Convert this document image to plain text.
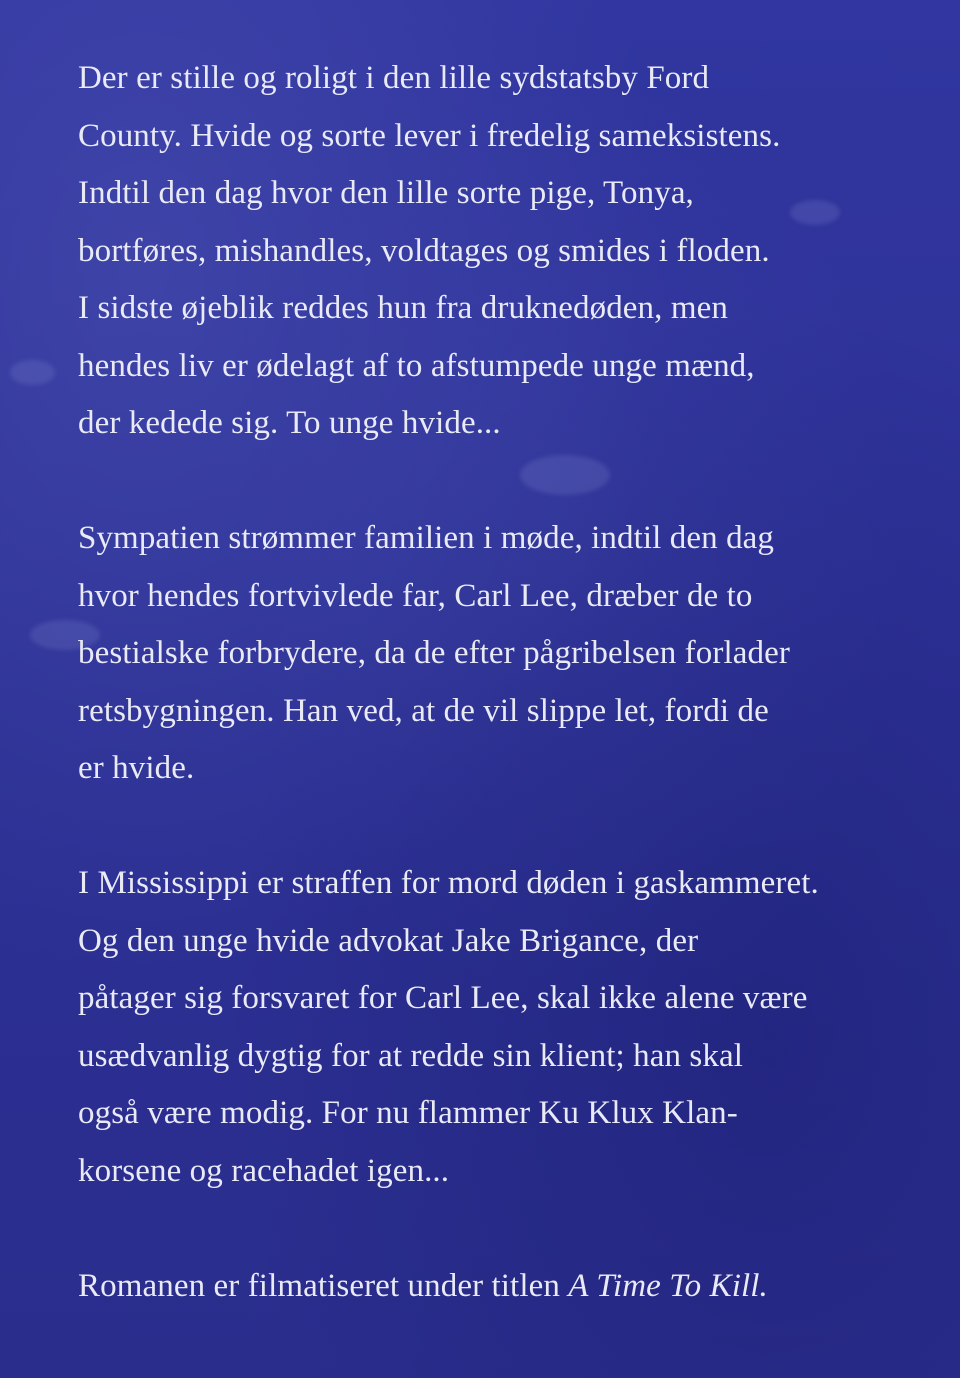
Der er stille og roligt i den lille sydstatsby Ford
County. Hvide og sorte lever i fredelig sameksistens.
Indtil den dag hvor den lille sorte pige, Tonya,
bortføres, mishandles, voldtages og smides i floden.
I sidste øjeblik reddes hun fra druknedøden, men
hendes liv er ødelagt af to afstumpede unge mænd,
der kedede sig. To unge hvide...

Sympatien strømmer familien i møde, indtil den dag
hvor hendes fortvivlede far, Carl Lee, dræber de to
bestialske forbrydere, da de efter pågribelsen forlader
retsbygningen. Han ved, at de vil slippe let, fordi de
er hvide.

I Mississippi er straffen for mord døden i gaskammeret.
Og den unge hvide advokat Jake Brigance, der
påtager sig forsvaret for Carl Lee, skal ikke alene være
usædvanlig dygtig for at redde sin klient; han skal
også være modig. For nu flammer Ku Klux Klan-
korsene og racehadet igen...

Romanen er filmatiseret under titlen A Time To Kill.
